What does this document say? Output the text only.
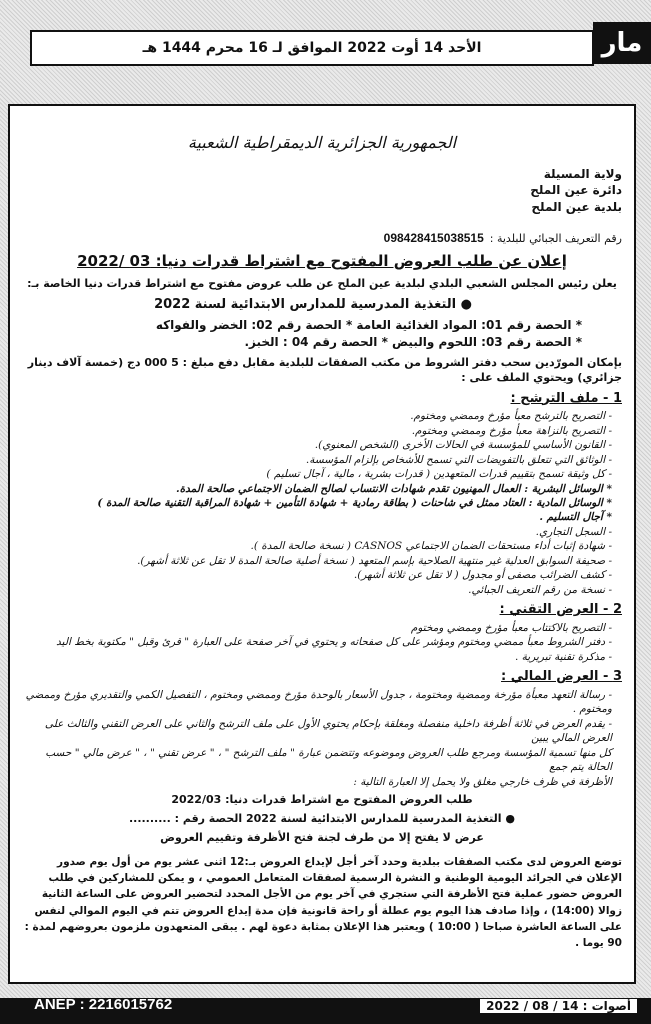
الأحد 14 أوت 2022 الموافق لـ 16 محرم 1444 هـ	مار
الجمهورية الجزائرية الديمقراطية الشعبية
ولاية المسيلة
دائرة عين الملح
بلدية عين الملح
رقم التعريف الجبائي للبلدية :098428415038515
إعلان عن طلب العروض المفتوح مع اشتراط قدرات دنيا: 03 /2022
يعلن رئيس المجلس الشعبي البلدي لبلدية عين الملح عن طلب عروض مفتوح مع اشتراط قدرات دنيا الخاصة بـ:
● التغذية المدرسية للمدارس الابتدائية لسنة 2022
* الحصة رقم 01: المواد الغذائية العامة * الحصة رقم 02: الخضر والفواكه
* الحصة رقم 03: اللحوم والبيض * الحصة رقم 04 : الخبز.
بإمكان المورّدين سحب دفتر الشروط من مكتب الصفقات للبلدية مقابل دفع مبلغ : 5 000 دج (خمسة آلاف دينار جزائري) ويحتوي الملف على :
1 - ملف الترشح :
- التصريح بالترشح معبأ مؤرخ وممضي ومختوم.
- التصريح بالنزاهة معبأ مؤرخ وممضي ومختوم.
- القانون الأساسي للمؤسسة في الحالات الأخرى (الشخص المعنوي).
- الوثائق التي تتعلق بالتفويضات التي تسمح للأشخاص بإلزام المؤسسة.
- كل وثيقة تسمح بتقييم قدرات المتعهدين ( قدرات بشرية ، مالية ، آجال تسليم )
* الوسائل البشرية : العمال المهنيون تقدم شهادات الانتساب لصالح الضمان الاجتماعي صالحة المدة.
* الوسائل المادية : العتاد ممثل في شاحنات ( بطاقة رمادية + شهادة التأمين + شهادة المراقبة التقنية صالحة المدة )
* آجال التسليم .
- السجل التجاري.
- شهادة إثبات أداء مستحقات الضمان الاجتماعي CASNOS ( نسخة صالحة المدة ).
- صحيفة السوابق العدلية غير منتهية الصلاحية بإسم المتعهد ( نسخة أصلية صالحة المدة لا تقل عن ثلاثة أشهر).
- كشف الضرائب مصفى أو مجدول ( لا تقل عن ثلاثة أشهر).
- نسخة من رقم التعريف الجبائي.
2 - العرض التقني :
- التصريح بالاكتتاب معبأ مؤرخ وممضي ومختوم
- دفتر الشروط معبأ ممضي ومختوم ومؤشر على كل صفحاته و يحتوي في آخر صفحة على العبارة " قرئ وقبل " مكتوبة بخط اليد
- مذكرة تقنية تبريرية .
3 - العرض المالي :
- رسالة التعهد معبأة مؤرخة وممضية ومختومة ، جدول الأسعار بالوحدة مؤرخ وممضي ومختوم ، التفصيل الكمي والتقديري مؤرخ وممضي ومختوم .
- يقدم العرض في ثلاثة أظرفة داخلية منفصلة ومغلقة بإحكام يحتوي الأول على ملف الترشح والثاني على العرض التقني والثالث على العرض المالي يبين
كل منها تسمية المؤسسة ومرجع طلب العروض وموضوعه وتتضمن عبارة " ملف الترشح " ، " عرض تقني " ، " عرض مالي " حسب الحالة يتم جمع
الأظرفة في ظرف خارجي مغلق ولا يحمل إلا العبارة التالية :
طلب العروض المفتوح مع اشتراط قدرات دنيا: 2022/03
● التغذية المدرسية للمدارس الابتدائية لسنة 2022 الحصة رقم : ..........
عرض لا يفتح إلا من طرف لجنة فتح الأظرفة وتقييم العروض
توضع العروض لدى مكتب الصفقات ببلدية وحدد آخر أجل لإيداع العروض بـ:12 اثنى عشر يوم من أول يوم صدور الإعلان في الجرائد اليومية الوطنية و النشرة الرسمية لصفقات المتعامل العمومي ، و يمكن للمشاركين في طلب العروض حضور عملية فتح الأظرفة التي ستجري في آخر يوم من الأجل المحدد لتحضير العروض على الساعة الثانية زوالا (14:00) ، وإذا صادف هذا اليوم يوم عطلة أو راحة قانونية فإن مدة إيداع العروض تتم في اليوم الموالي لنفس على الساعة العاشرة صباحا ( 10:00 ) ويعتبر هذا الإعلان بمثابة دعوة لهم . يبقى المتعهدون ملزمون بعروضهم لمدة : 90 يوما .
ANEP : 2216015762	أصوات : 14 / 08 / 2022
